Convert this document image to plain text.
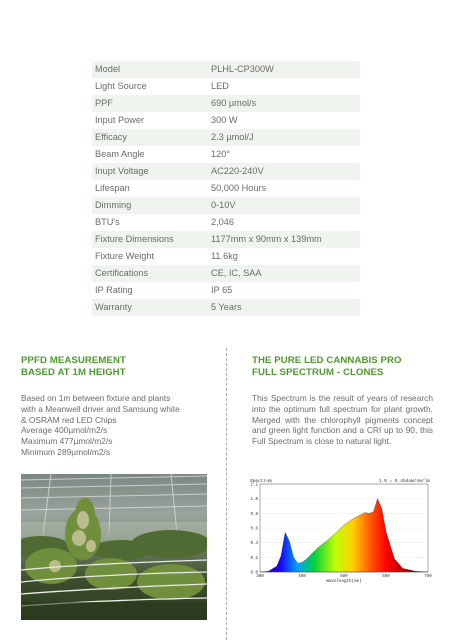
Model	PLHL-CP300W
Light Source	LED
PPF	690 µmol/s
Input Power	300 W
Efficacy	2.3 µmol/J
Beam Angle	120°
Inupt Voltage	AC220-240V
Lifespan	50,000 Hours
Dimming	0-10V
BTU's	2,046
Fixture Dimensions	1177mm x 90mm x 139mm
Fixture Weight	11.6kg
Certifications	CE, IC, SAA
IP Rating	IP 65
Warranty	5 Years
PPFD MEASUREMENT
BASED AT 1M HEIGHT
Based on 1m between fixture and plants
with a Meanwell driver and Samsung white
& OSRAM red LED Chips
Average 400µmol/m2/s
Maximum 477µmol/m2/s
Minimum 289µmol/m2/s
THE PURE LED CANNABIS PRO
FULL SPECTRUM - CLONES

This Spectrum is the result of years of research into the optimum full spectrum for plant growth. Merged with the chlorophyll pigments concept and green light function and a CRI up to 90, this Full Spectrum is close to natural light.

Spectrum	1.0 = 5.454uW/nm/lm
1.2
1.0
0.8
0.6
0.4
0.2
0.0
380	480	580	680	780
Wavelength(nm)
